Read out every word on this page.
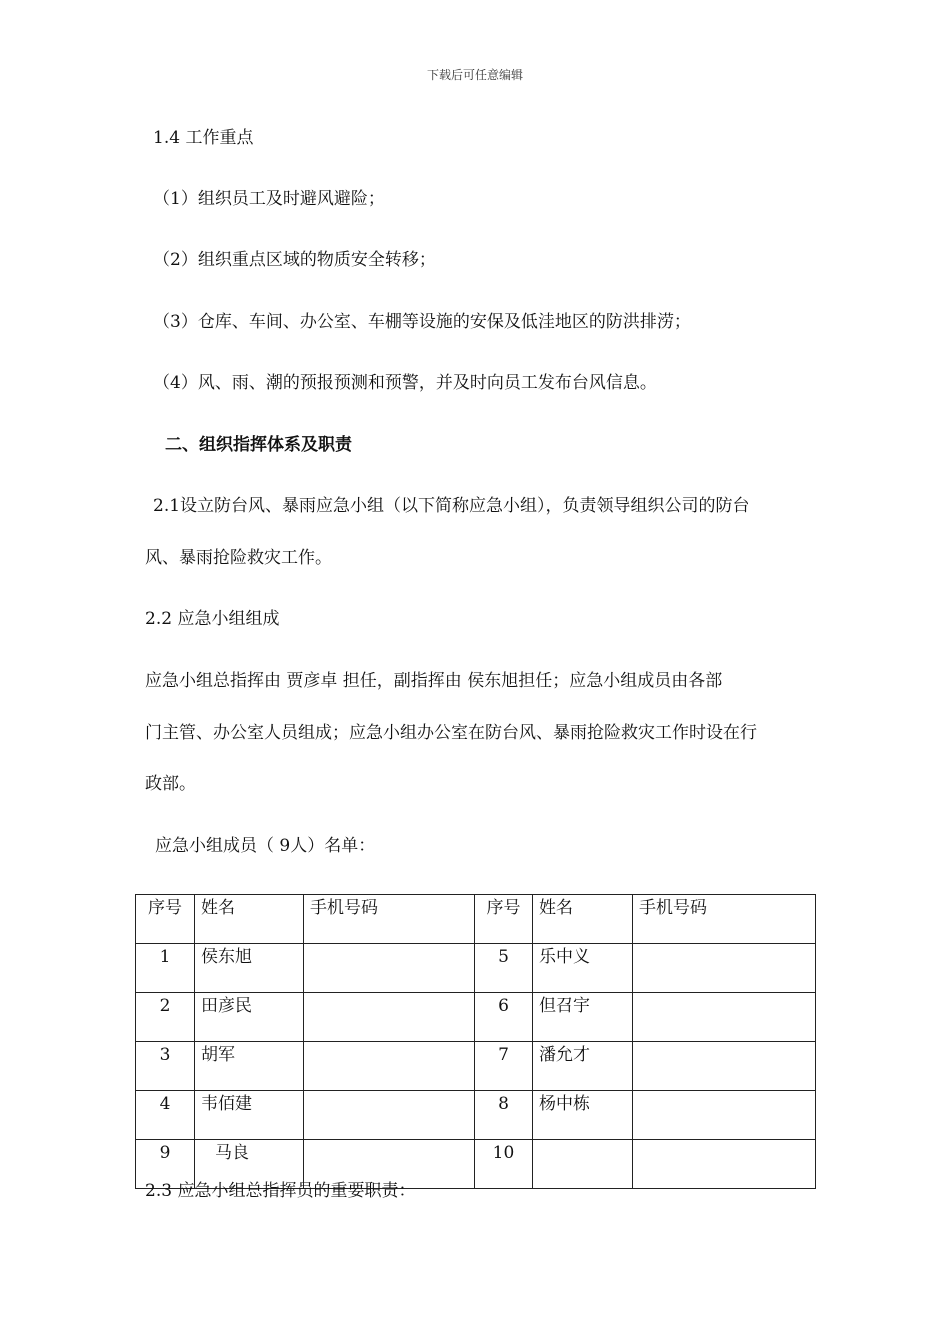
下载后可任意编辑
1.4 工作重点
（1）组织员工及时避风避险；
（2）组织重点区域的物质安全转移；
（3）仓库、车间、办公室、车棚等设施的安保及低洼地区的防洪排涝；
（4）风、雨、潮的预报预测和预警，并及时向员工发布台风信息。
二、组织指挥体系及职责
2.1设立防台风、暴雨应急小组（以下简称应急小组），负责领导组织公司的防台
风、暴雨抢险救灾工作。
2.2 应急小组组成
应急小组总指挥由 贾彦卓 担任，副指挥由 侯东旭担任；应急小组成员由各部
门主管、办公室人员组成；应急小组办公室在防台风、暴雨抢险救灾工作时设在行
政部。
应急小组成员（ 9人）名单：
序号	姓名	手机号码	序号	姓名	手机号码
1	侯东旭		5	乐中义	
2	田彦民		6	但召宇	
3	胡军		7	潘允才	
4	韦佰建		8	杨中栋	
9	马良		10		
2.3 应急小组总指挥员的重要职责：
